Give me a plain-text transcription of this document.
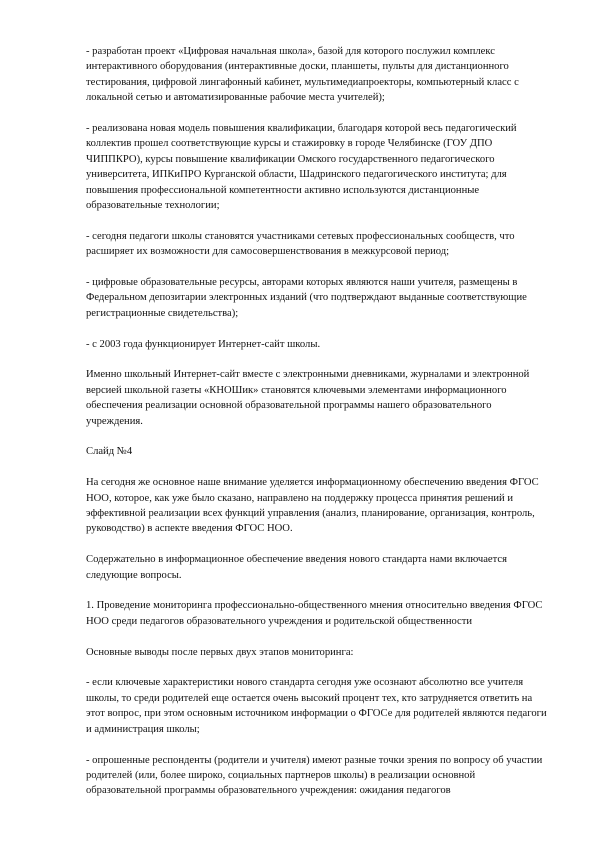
- разработан проект «Цифровая начальная школа», базой для которого послужил комплекс интерактивного оборудования (интерактивные доски, планшеты, пульты для дистанционного тестирования, цифровой лингафонный кабинет, мультимедиапроекторы, компьютерный класс с локальной сетью и автоматизированные рабочие места учителей);

- реализована новая модель повышения квалификации, благодаря которой весь педагогический коллектив прошел соответствующие курсы и стажировку в городе Челябинске (ГОУ ДПО ЧИППКРО), курсы повышение квалификации Омского государственного педагогического университета, ИПКиПРО Курганской области, Шадринского педагогического института; для повышения профессиональной компетентности активно используются дистанционные образовательные технологии;

- сегодня педагоги школы становятся участниками сетевых профессиональных сообществ, что расширяет их возможности для самосовершенствования в межкурсовой период;

- цифровые образовательные ресурсы, авторами которых являются наши учителя, размещены в Федеральном депозитарии электронных изданий (что подтверждают выданные соответствующие регистрационные свидетельства);

- с 2003 года функционирует Интернет-сайт школы.

Именно школьный Интернет-сайт вместе с электронными дневниками, журналами и электронной версией школьной газеты «КНОШик» становятся ключевыми элементами информационного обеспечения реализации основной образовательной программы нашего образовательного учреждения.

Слайд №4

На сегодня же основное наше внимание уделяется информационному обеспечению введения ФГОС НОО, которое, как уже было сказано, направлено на поддержку процесса принятия решений и эффективной реализации всех функций управления (анализ, планирование, организация, контроль, руководство) в аспекте введения ФГОС НОО.

Содержательно в информационное обеспечение введения нового стандарта нами включается следующие вопросы.

1. Проведение мониторинга профессионально-общественного мнения относительно введения ФГОС НОО среди педагогов образовательного учреждения и родительской общественности

Основные выводы после первых двух этапов мониторинга:

- если ключевые характеристики нового стандарта сегодня уже осознают абсолютно все учителя школы, то среди родителей еще остается очень высокий процент тех, кто затрудняется ответить на этот вопрос, при этом основным источником информации о ФГОСе для родителей являются педагоги и администрация школы;

- опрошенные респонденты (родители и учителя) имеют разные точки зрения по вопросу об участии родителей (или, более широко, социальных партнеров школы) в реализации основной образовательной программы образовательного учреждения: ожидания педагогов
